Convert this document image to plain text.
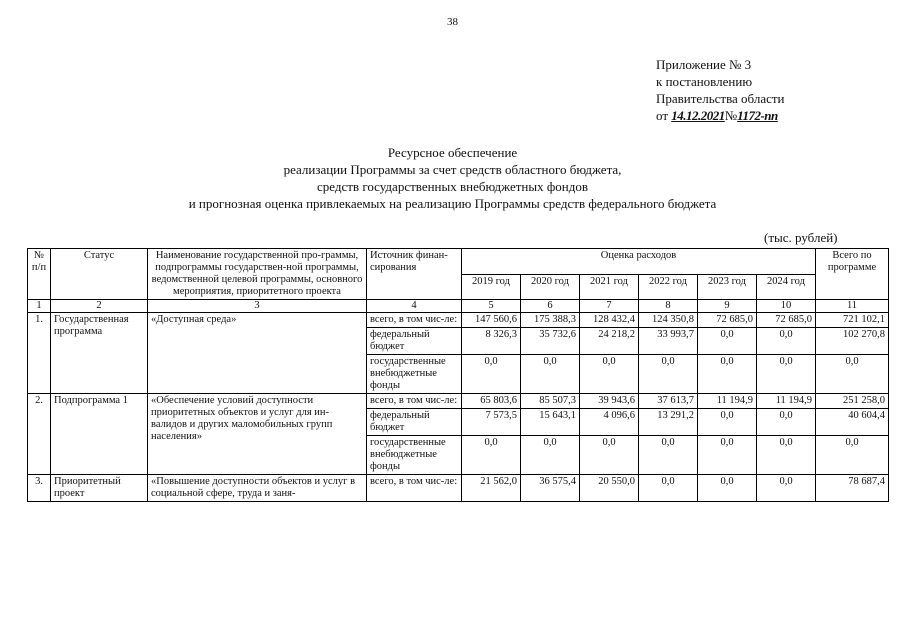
38
Приложение № 3
к постановлению
Правительства области
от 14.12.2021№1172-пп
Ресурсное обеспечение
реализации Программы за счет средств областного бюджета,
средств государственных внебюджетных фондов
и прогнозная оценка привлекаемых на реализацию Программы средств федерального бюджета
(тыс. рублей)
№ п/п	Статус	Наименование государственной про-граммы, подпрограммы государствен-ной программы, ведомственной целевой программы, основного мероприятия, приоритетного проекта	Источник финан-сирования	Оценка расходов						Всего по программе
				2019 год	2020 год	2021 год	2022 год	2023 год	2024 год	
1	2	3	4	5	6	7	8	9	10	11
1.	Государственная программа	«Доступная среда»	всего, в том чис-ле:	147 560,6	175 388,3	128 432,4	124 350,8	72 685,0	72 685,0	721 102,1
			федеральный бюджет	8 326,3	35 732,6	24 218,2	33 993,7	0,0	0,0	102 270,8
			государственные внебюджетные фонды	0,0	0,0	0,0	0,0	0,0	0,0	0,0
2.	Подпрограмма 1	«Обеспечение условий доступности приоритетных объектов и услуг для ин-валидов и других маломобильных групп населения»	всего, в том чис-ле:	65 803,6	85 507,3	39 943,6	37 613,7	11 194,9	11 194,9	251 258,0
			федеральный бюджет	7 573,5	15 643,1	4 096,6	13 291,2	0,0	0,0	40 604,4
			государственные внебюджетные фонды	0,0	0,0	0,0	0,0	0,0	0,0	0,0
3.	Приоритетный проект	«Повышение доступности объектов и услуг в социальной сфере, труда и заня-	всего, в том чис-ле:	21 562,0	36 575,4	20 550,0	0,0	0,0	0,0	78 687,4
